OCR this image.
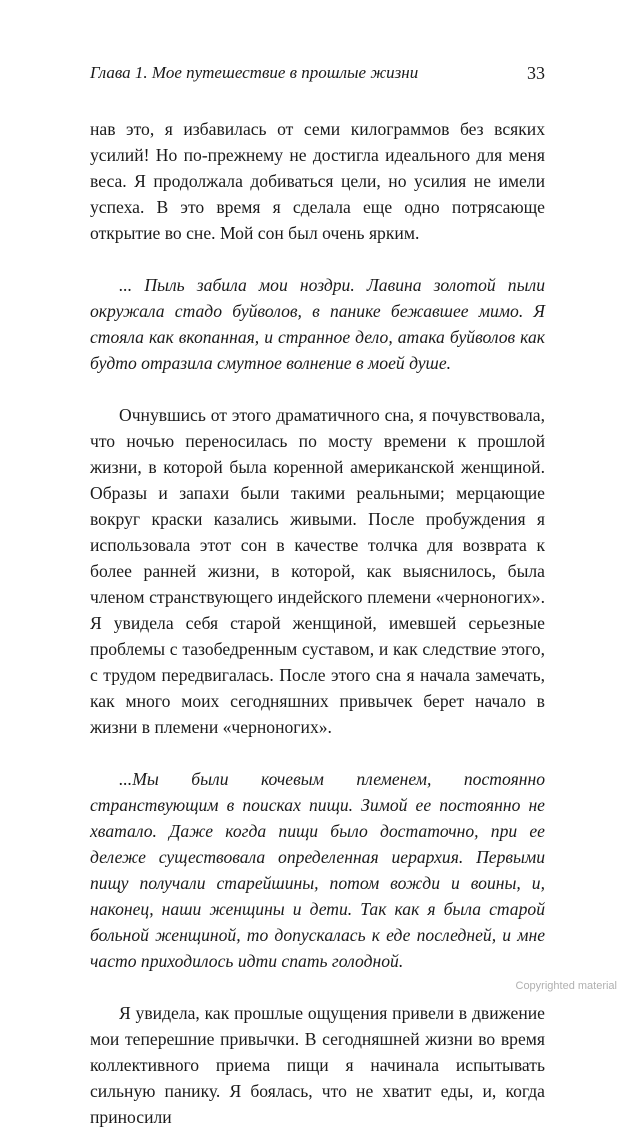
Глава 1. Мое путешествие в прошлые жизни	33

нав это, я избавилась от семи килограммов без всяких усилий! Но по-прежнему не достигла идеального для меня веса. Я продолжала добиваться цели, но усилия не имели успеха. В это время я сделала еще одно потрясающе открытие во сне. Мой сон был очень ярким.

... Пыль забила мои ноздри. Лавина золотой пыли окружала стадо буйволов, в панике бежавшее мимо. Я стояла как вкопанная, и странное дело, атака буйволов как будто отразила смутное волнение в моей душе.

Очнувшись от этого драматичного сна, я почувствовала, что ночью переносилась по мосту времени к прошлой жизни, в которой была коренной американской женщиной. Образы и запахи были такими реальными; мерцающие вокруг краски казались живыми. После пробуждения я использовала этот сон в качестве толчка для возврата к более ранней жизни, в которой, как выяснилось, была членом странствующего индейского племени «черноногих». Я увидела себя старой женщиной, имевшей серьезные проблемы с тазобедренным суставом, и как следствие этого, с трудом передвигалась. После этого сна я начала замечать, как много моих сегодняшних привычек берет начало в жизни в племени «черноногих».

...Мы были кочевым племенем, постоянно странствующим в поисках пищи. Зимой ее постоянно не хватало. Даже когда пищи было достаточно, при ее дележе существовала определенная иерархия. Первыми пищу получали старейшины, потом вожди и воины, и, наконец, наши женщины и дети. Так как я была старой больной женщиной, то допускалась к еде последней, и мне часто приходилось идти спать голодной.

Я увидела, как прошлые ощущения привели в движение мои теперешние привычки. В сегодняшней жизни во время коллективного приема пищи я начинала испытывать сильную панику. Я боялась, что не хватит еды, и, когда приносили

Copyrighted material
